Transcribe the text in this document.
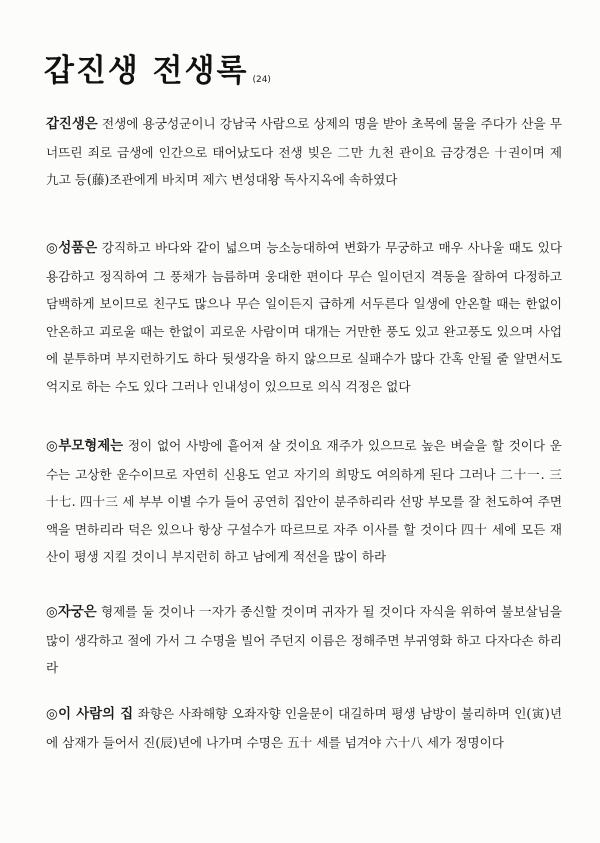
갑진생 전생록 (24)
갑진생은 전생에 용궁성군이니 강남국 사람으로 상제의 명을 받아 초목에 물을 주다가 산을 무너뜨린 죄로 금생에 인간으로 태어났도다 전생 빚은 二만 九천 관이요 금강경은 十권이며 제 九고 등(藤)조관에게 바치며 제六 변성대왕 독사지옥에 속하였다
◎성품은 강직하고 바다와 같이 넓으며 능소능대하여 변화가 무궁하고 매우 사나울 때도 있다 용감하고 정직하여 그 풍채가 늠름하며 웅대한 편이다 무슨 일이던지 격동을 잘하여 다정하고 담백하게 보이므로 친구도 많으나 무슨 일이든지 급하게 서두른다 일생에 안온할 때는 한없이 안온하고 괴로울 때는 한없이 괴로운 사람이며 대개는 거만한 풍도 있고 완고풍도 있으며 사업에 분투하며 부지런하기도 하다 뒷생각을 하지 않으므로 실패수가 많다 간혹 안될 줄 알면서도 억지로 하는 수도 있다 그러나 인내성이 있으므로 의식 걱정은 없다
◎부모형제는 정이 없어 사방에 흩어져 살 것이요 재주가 있으므로 높은 벼슬을 할 것이다 운수는 고상한 운수이므로 자연히 신용도 얻고 자기의 희망도 여의하게 된다 그러나 二十一. 三十七. 四十三 세 부부 이별 수가 들어 공연히 집안이 분주하리라 선망 부모를 잘 천도하여 주면 액을 면하리라 덕은 있으나 항상 구설수가 따르므로 자주 이사를 할 것이다 四十 세에 모든 재산이 평생 지킬 것이니 부지런히 하고 남에게 적선을 많이 하라
◎자궁은 형제를 둘 것이나 一자가 종신할 것이며 귀자가 될 것이다 자식을 위하여 불보살님을 많이 생각하고 절에 가서 그 수명을 빌어 주던지 이름은 정해주면 부귀영화 하고 다자다손 하리라
◎이 사람의 집 좌향은 사좌해향 오좌자향 인을문이 대길하며 평생 남방이 불리하며 인(寅)년에 삼재가 들어서 진(辰)년에 나가며 수명은 五十 세를 넘겨야 六十八 세가 정명이다
